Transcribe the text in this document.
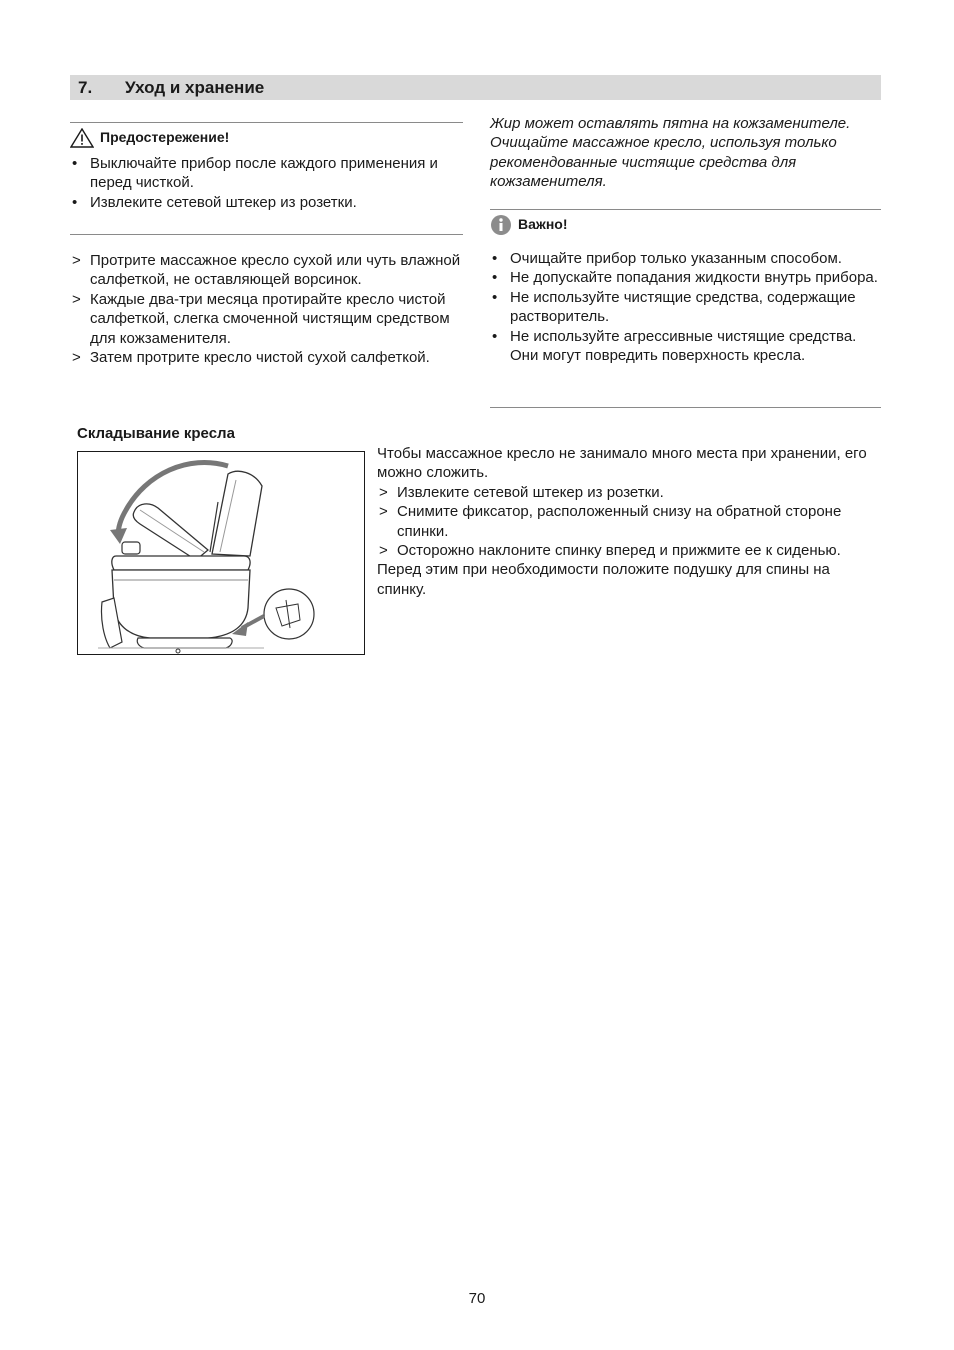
7. Уход и хранение
Предостережение!
• Выключайте прибор после каждого применения и перед чисткой.
• Извлеките сетевой штекер из розетки.
> Протрите массажное кресло сухой или чуть влажной салфеткой, не оставляющей ворсинок.
> Каждые два-три месяца протирайте кресло чистой салфеткой, слегка смоченной чистящим средством для кожзаменителя.
> Затем протрите кресло чистой сухой салфеткой.
Жир может оставлять пятна на кожзаменителе. Очищайте массажное кресло, используя только рекомендованные чистящие средства для кожзаменителя.
Важно!
• Очищайте прибор только указанным способом.
• Не допускайте попадания жидкости внутрь прибора.
• Не используйте чистящие средства, содержащие растворитель.
• Не используйте агрессивные чистящие средства.
Они могут повредить поверхность кресла.
Складывание кресла
Чтобы массажное кресло не занимало много места при хранении, его можно сложить.
> Извлеките сетевой штекер из розетки.
> Снимите фиксатор, расположенный снизу на обратной стороне спинки.
> Осторожно наклоните спинку вперед и прижмите ее к сиденью.
Перед этим при необходимости положите подушку для спины на спинку.
70
